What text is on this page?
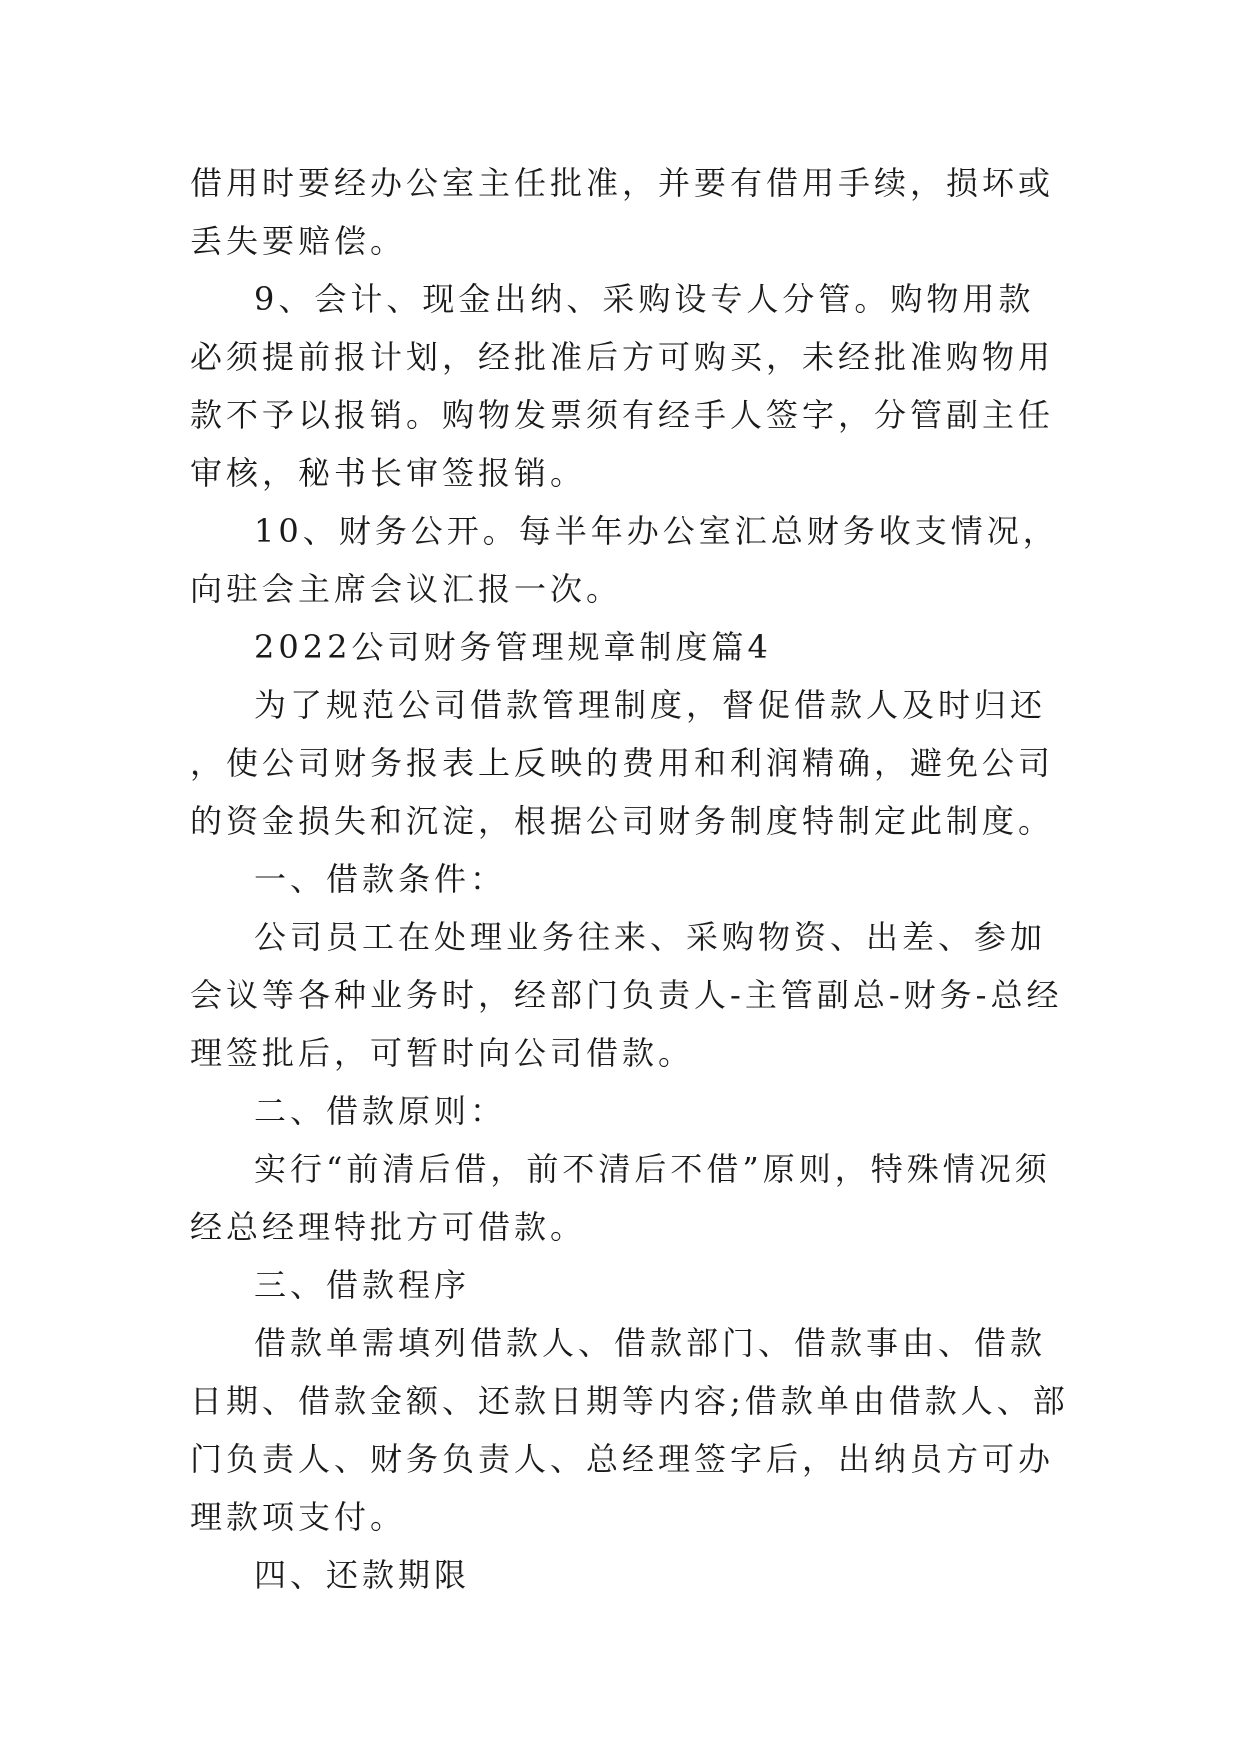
借用时要经办公室主任批准，并要有借用手续，损坏或丢失要赔偿。

9、会计、现金出纳、采购设专人分管。购物用款必须提前报计划，经批准后方可购买，未经批准购物用款不予以报销。购物发票须有经手人签字，分管副主任审核，秘书长审签报销。

10、财务公开。每半年办公室汇总财务收支情况，向驻会主席会议汇报一次。

2022公司财务管理规章制度篇4

为了规范公司借款管理制度，督促借款人及时归还，使公司财务报表上反映的费用和利润精确，避免公司的资金损失和沉淀，根据公司财务制度特制定此制度。

一、借款条件：

公司员工在处理业务往来、采购物资、出差、参加会议等各种业务时，经部门负责人-主管副总-财务-总经理签批后，可暂时向公司借款。

二、借款原则：

实行“前清后借，前不清后不借”原则，特殊情况须经总经理特批方可借款。

三、借款程序

借款单需填列借款人、借款部门、借款事由、借款日期、借款金额、还款日期等内容;借款单由借款人、部门负责人、财务负责人、总经理签字后，出纳员方可办理款项支付。

四、还款期限
